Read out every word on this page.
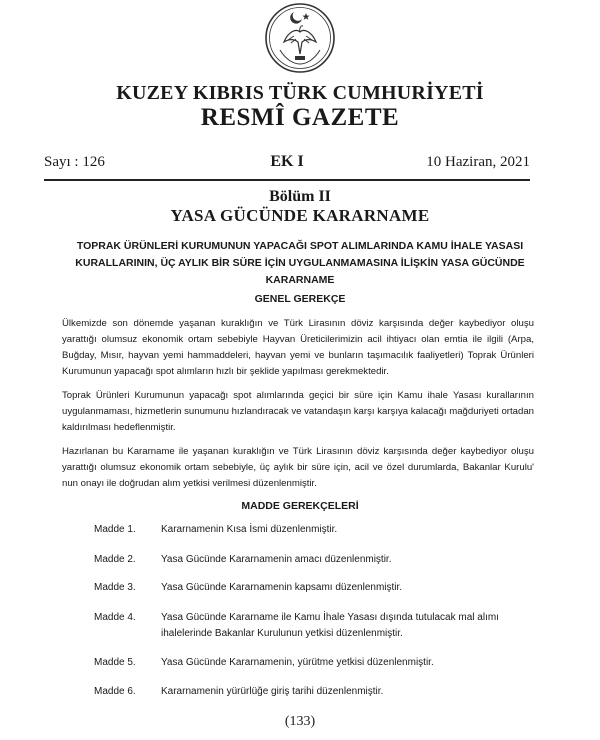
KUZEY KIBRIS TÜRK CUMHURİYETİ
RESMÎ GAZETE
Sayı : 126	EK I	10 Haziran, 2021
Bölüm II
YASA GÜCÜNDE KARARNAME
TOPRAK ÜRÜNLERİ KURUMUNUN YAPACAĞI SPOT ALIMLARINDA KAMU İHALE YASASI
KURALLARININ, ÜÇ AYLIK BİR SÜRE İÇİN UYGULANMAMASINA İLİŞKİN YASA GÜCÜNDE
KARARNAME
GENEL GEREKÇE

Ülkemizde son dönemde yaşanan kuraklığın ve Türk Lirasının döviz karşısında değer kaybediyor oluşu yarattığı olumsuz ekonomik ortam sebebiyle Hayvan Üreticilerimizin acil ihtiyacı olan emtia ile ilgili (Arpa, Buğday, Mısır, hayvan yemi hammaddeleri, hayvan yemi ve bunların taşımacılık faaliyetleri) Toprak Ürünleri Kurumunun yapacağı spot alımların hızlı bir şeklide yapılması gerekmektedir.

Toprak Ürünleri Kurumunun yapacağı spot alımlarında geçici bir süre için Kamu ihale Yasası kurallarının uygulanmaması, hizmetlerin sunumunu hızlandıracak ve vatandaşın karşı karşıya kalacağı mağduriyeti ortadan kaldırılması hedeflenmiştir.

Hazırlanan bu Kararname ile yaşanan kuraklığın ve Türk Lirasının döviz karşısında değer kaybediyor oluşu yarattığı olumsuz ekonomik ortam sebebiyle, üç aylık bir süre için, acil ve özel durumlarda, Bakanlar Kurulu' nun onayı ile doğrudan alım yetkisi verilmesi düzenlenmiştir.

MADDE GEREKÇELERİ
Madde 1.	Kararnamenin Kısa İsmi düzenlenmiştir.
Madde 2.	Yasa Gücünde Kararnamenin amacı düzenlenmiştir.
Madde 3.	Yasa Gücünde Kararnamenin kapsamı düzenlenmiştir.
Madde 4.	Yasa Gücünde Kararname ile Kamu İhale Yasası dışında tutulacak mal alımı ihalelerinde Bakanlar Kurulunun yetkisi düzenlenmiştir.
Madde 5.	Yasa Gücünde Kararnamenin, yürütme yetkisi düzenlenmiştir.
Madde 6.	Kararnamenin yürürlüğe giriş tarihi düzenlenmiştir.
(133)
